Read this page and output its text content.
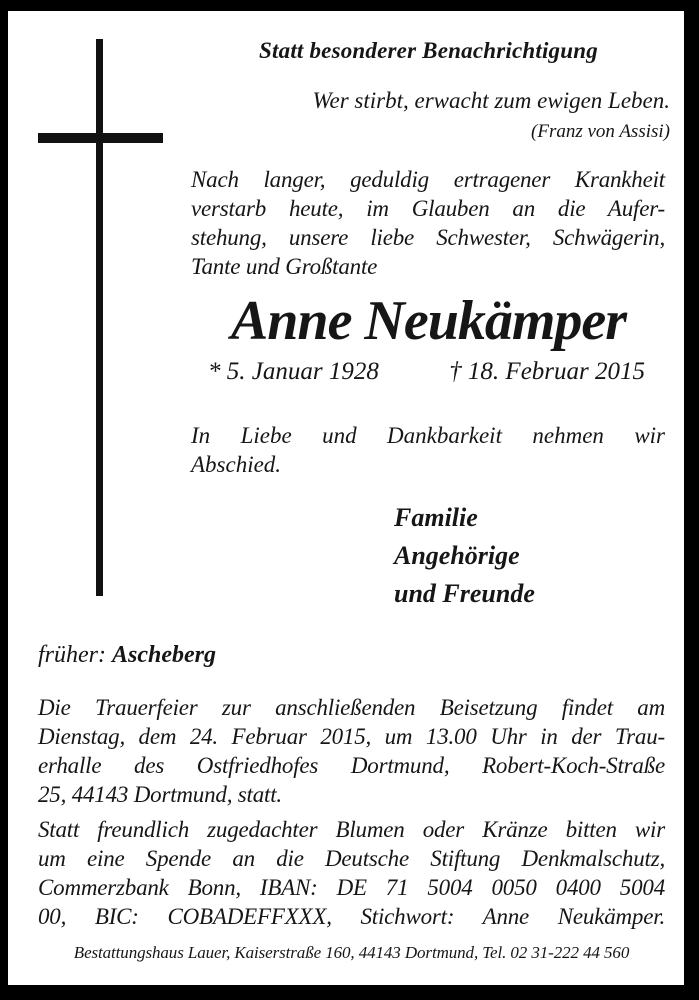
Statt besonderer Benachrichtigung
Wer stirbt, erwacht zum ewigen Leben.
(Franz von Assisi)
Nach langer, geduldig ertragener Krankheit
verstarb heute, im Glauben an die Aufer-
stehung, unsere liebe Schwester, Schwägerin,
Tante und Großtante
Anne Neukämper
* 5. Januar 1928	† 18. Februar 2015
In Liebe und Dankbarkeit nehmen wir
Abschied.
Familie
Angehörige
und Freunde
früher: Ascheberg
Die Trauerfeier zur anschließenden Beisetzung findet am
Dienstag, dem 24. Februar 2015, um 13.00 Uhr in der Trau-
erhalle des Ostfriedhofes Dortmund, Robert-Koch-Straße
25, 44143 Dortmund, statt.
Statt freundlich zugedachter Blumen oder Kränze bitten wir
um eine Spende an die Deutsche Stiftung Denkmalschutz,
Commerzbank Bonn, IBAN: DE 71 5004 0050 0400 5004
00, BIC: COBADEFFXXX, Stichwort: Anne Neukämper.
Bestattungshaus Lauer, Kaiserstraße 160, 44143 Dortmund, Tel. 02 31-222 44 560
